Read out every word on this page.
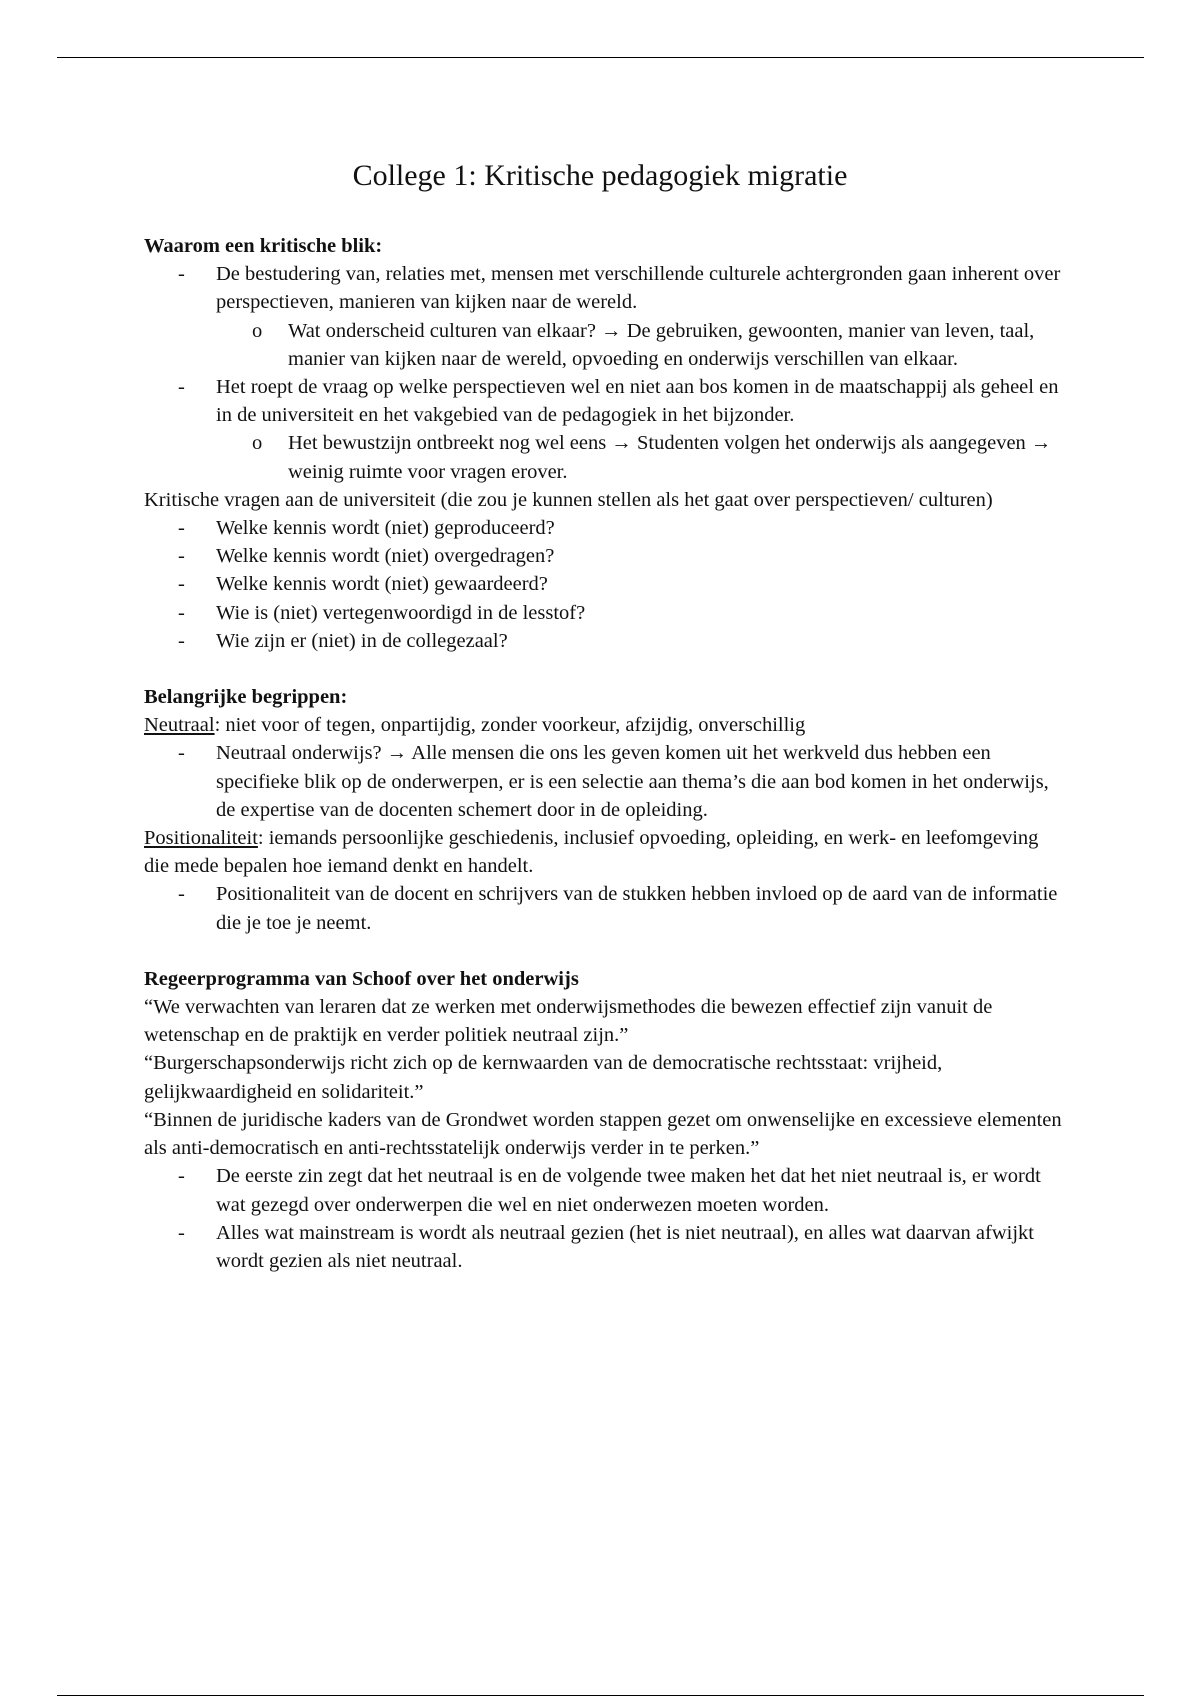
College 1: Kritische pedagogiek migratie
Waarom een kritische blik:
- De bestudering van, relaties met, mensen met verschillende culturele achtergronden gaan inherent over perspectieven, manieren van kijken naar de wereld.
o Wat onderscheid culturen van elkaar? → De gebruiken, gewoonten, manier van leven, taal, manier van kijken naar de wereld, opvoeding en onderwijs verschillen van elkaar.
- Het roept de vraag op welke perspectieven wel en niet aan bos komen in de maatschappij als geheel en in de universiteit en het vakgebied van de pedagogiek in het bijzonder.
o Het bewustzijn ontbreekt nog wel eens → Studenten volgen het onderwijs als aangegeven → weinig ruimte voor vragen erover.
Kritische vragen aan de universiteit (die zou je kunnen stellen als het gaat over perspectieven/ culturen)
- Welke kennis wordt (niet) geproduceerd?
- Welke kennis wordt (niet) overgedragen?
- Welke kennis wordt (niet) gewaardeerd?
- Wie is (niet) vertegenwoordigd in de lesstof?
- Wie zijn er (niet) in de collegezaal?
Belangrijke begrippen:
Neutraal: niet voor of tegen, onpartijdig, zonder voorkeur, afzijdig, onverschillig
- Neutraal onderwijs? → Alle mensen die ons les geven komen uit het werkveld dus hebben een specifieke blik op de onderwerpen, er is een selectie aan thema’s die aan bod komen in het onderwijs, de expertise van de docenten schemert door in de opleiding.
Positionaliteit: iemands persoonlijke geschiedenis, inclusief opvoeding, opleiding, en werk- en leefomgeving die mede bepalen hoe iemand denkt en handelt.
- Positionaliteit van de docent en schrijvers van de stukken hebben invloed op de aard van de informatie die je toe je neemt.
Regeerprogramma van Schoof over het onderwijs
“We verwachten van leraren dat ze werken met onderwijsmethodes die bewezen effectief zijn vanuit de wetenschap en de praktijk en verder politiek neutraal zijn.”
“Burgerschapsonderwijs richt zich op de kernwaarden van de democratische rechtsstaat: vrijheid, gelijkwaardigheid en solidariteit.”
“Binnen de juridische kaders van de Grondwet worden stappen gezet om onwenselijke en excessieve elementen als anti-democratisch en anti-rechtsstatelijk onderwijs verder in te perken.”
- De eerste zin zegt dat het neutraal is en de volgende twee maken het dat het niet neutraal is, er wordt wat gezegd over onderwerpen die wel en niet onderwezen moeten worden.
- Alles wat mainstream is wordt als neutraal gezien (het is niet neutraal), en alles wat daarvan afwijkt wordt gezien als niet neutraal.
